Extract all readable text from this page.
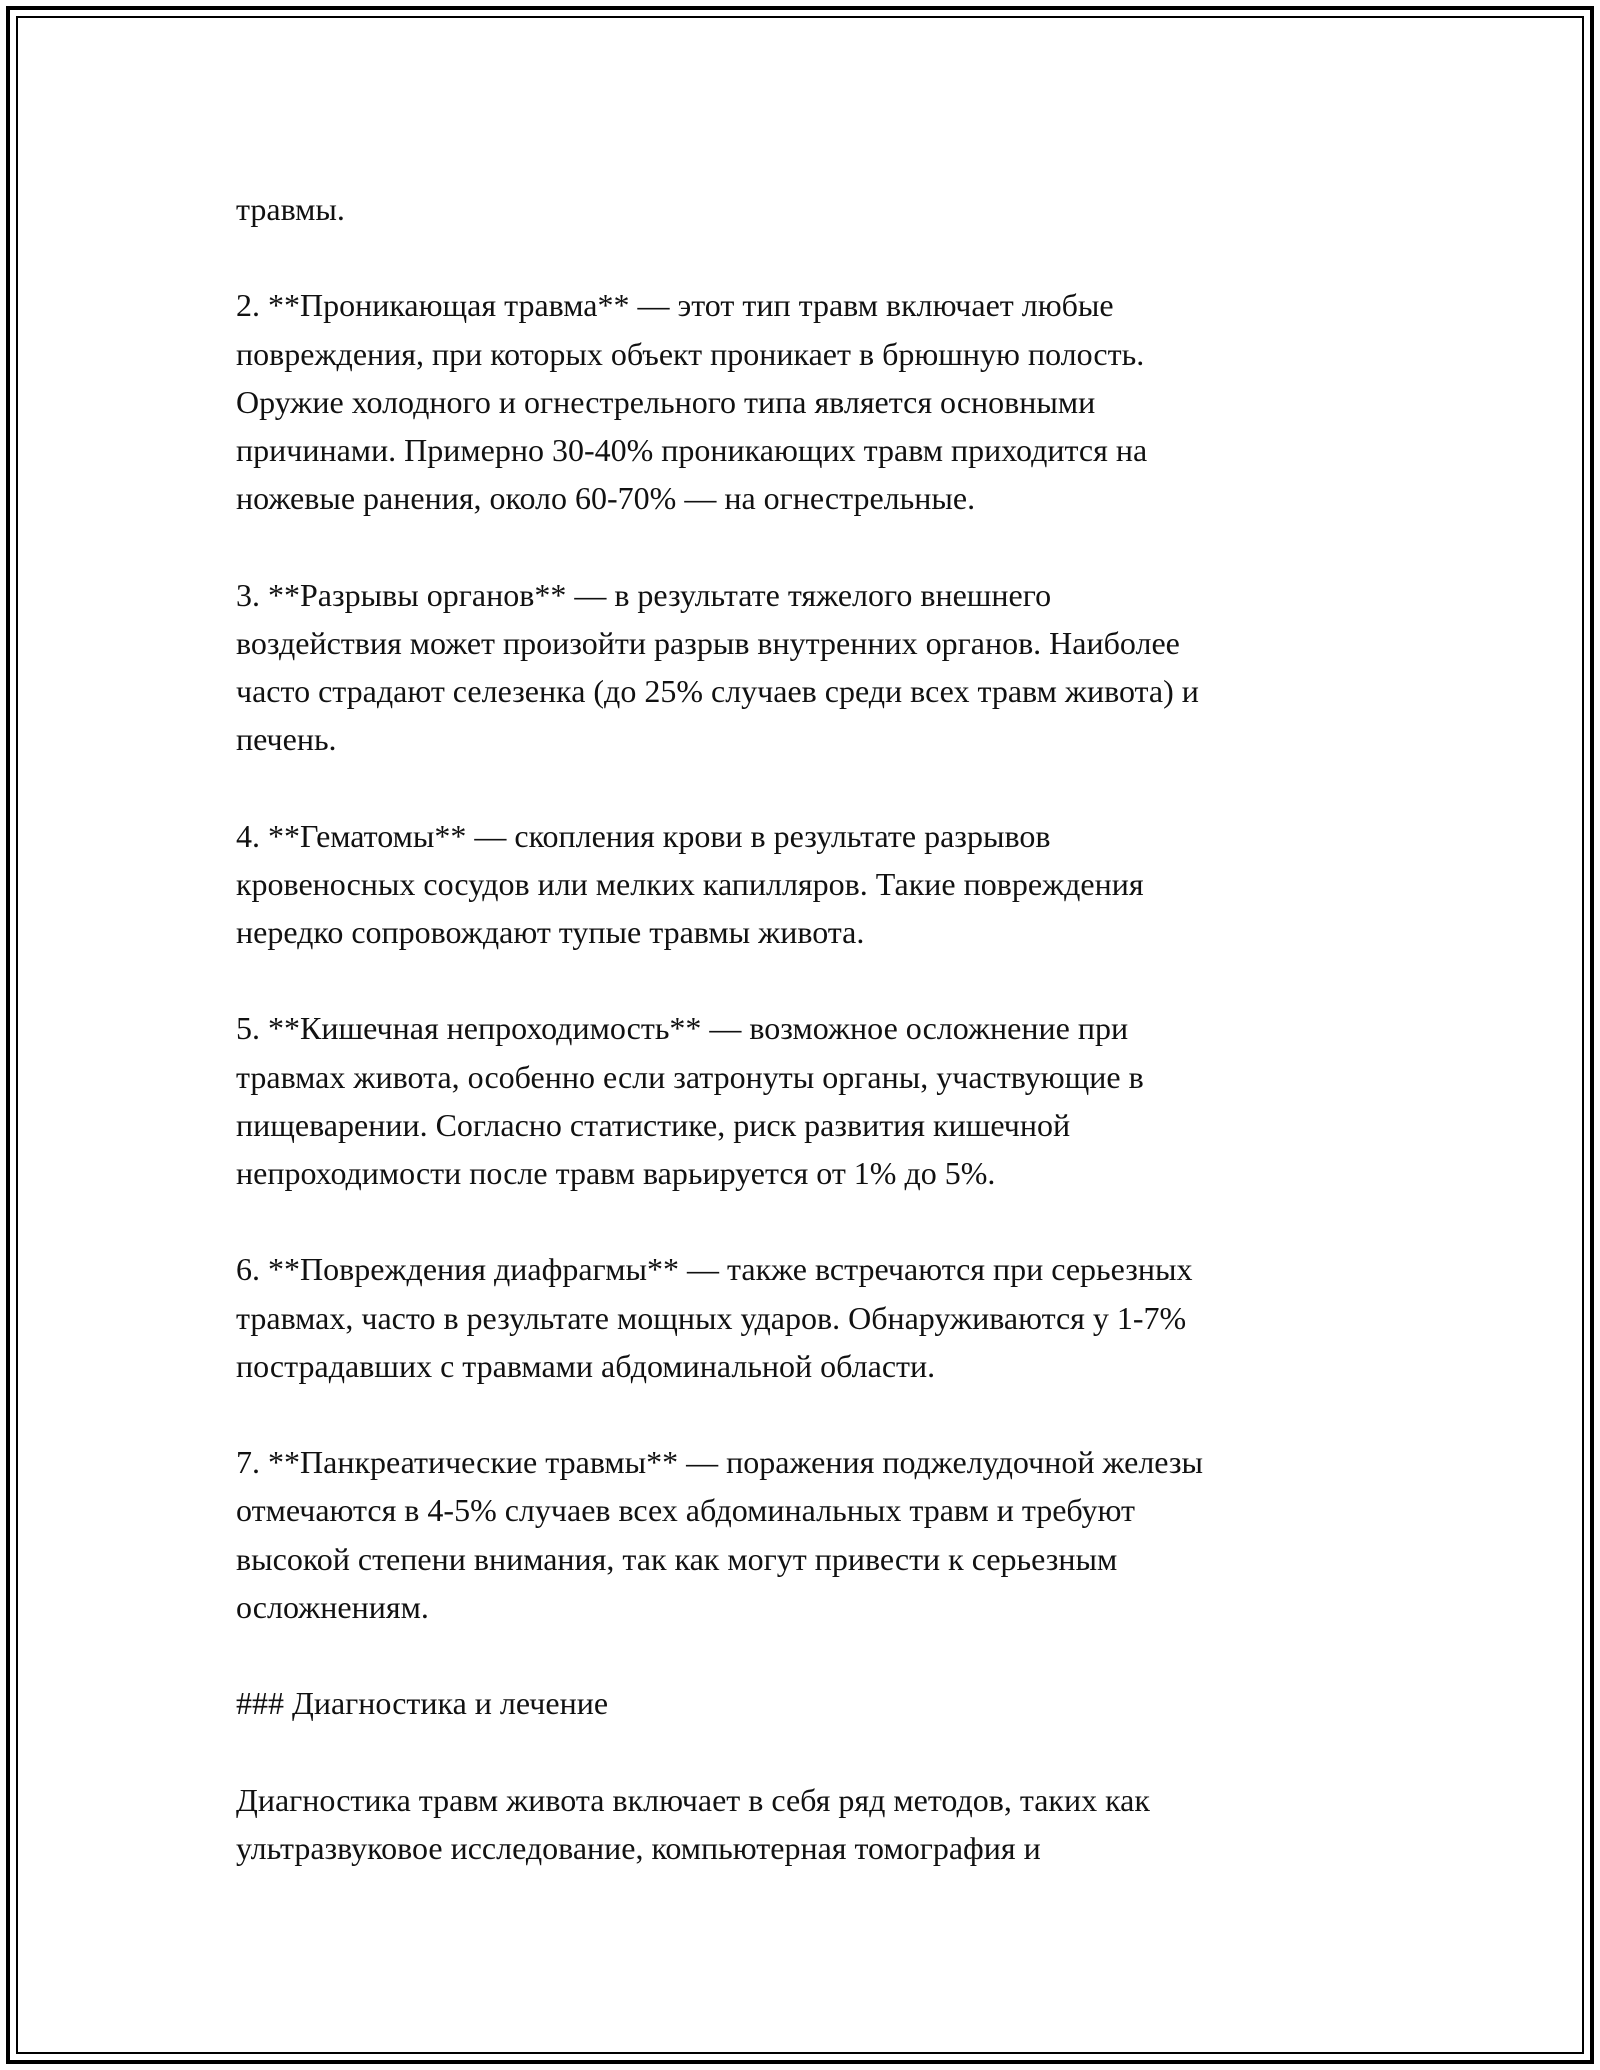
травмы.

2. **Проникающая травма** — этот тип травм включает любые
повреждения, при которых объект проникает в брюшную полость.
Оружие холодного и огнестрельного типа является основными
причинами. Примерно 30-40% проникающих травм приходится на
ножевые ранения, около 60-70% — на огнестрельные.

3. **Разрывы органов** — в результате тяжелого внешнего
воздействия может произойти разрыв внутренних органов. Наиболее
часто страдают селезенка (до 25% случаев среди всех травм живота) и
печень.

4. **Гематомы** — скопления крови в результате разрывов
кровеносных сосудов или мелких капилляров. Такие повреждения
нередко сопровождают тупые травмы живота.

5. **Кишечная непроходимость** — возможное осложнение при
травмах живота, особенно если затронуты органы, участвующие в
пищеварении. Согласно статистике, риск развития кишечной
непроходимости после травм варьируется от 1% до 5%.

6. **Повреждения диафрагмы** — также встречаются при серьезных
травмах, часто в результате мощных ударов. Обнаруживаются у 1-7%
пострадавших с травмами абдоминальной области.

7. **Панкреатические травмы** — поражения поджелудочной железы
отмечаются в 4-5% случаев всех абдоминальных травм и требуют
высокой степени внимания, так как могут привести к серьезным
осложнениям.

### Диагностика и лечение

Диагностика травм живота включает в себя ряд методов, таких как
ультразвуковое исследование, компьютерная томография и
